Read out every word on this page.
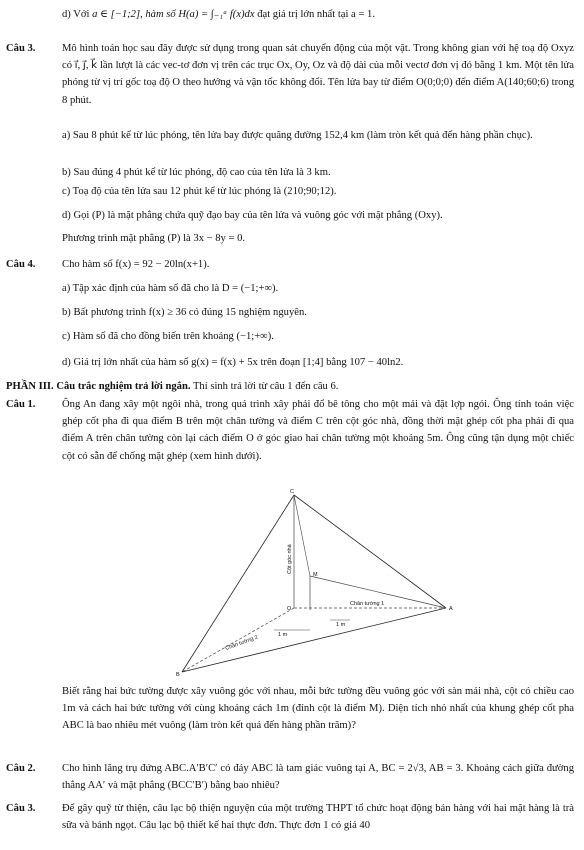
d) Với a ∈ [−1;2], hàm số H(a) = ∫₋₁ᵃ f(x)dx đạt giá trị lớn nhất tại a = 1.
Câu 3.	Mô hình toán học sau đây được sử dụng trong quan sát chuyển động của một vật. Trong không gian với hệ toạ độ Oxyz có i⃗, j⃗, k⃗ lần lượt là các vec-tơ đơn vị trên các trục Ox, Oy, Oz và độ dài của mỗi vectơ đơn vị đó bằng 1 km. Một tên lửa phóng từ vị trí gốc toạ độ O theo hướng và vận tốc không đổi. Tên lửa bay từ điểm O(0;0;0) đến điểm A(140;60;6) trong 8 phút.
a) Sau 8 phút kể từ lúc phóng, tên lửa bay được quãng đường 152,4 km (làm tròn kết quả đến hàng phần chục).
b) Sau đúng 4 phút kể từ lúc phóng, độ cao của tên lửa là 3 km.
c) Toạ độ của tên lửa sau 12 phút kể từ lúc phóng là (210;90;12).
d) Gọi (P) là mặt phẳng chứa quỹ đạo bay của tên lửa và vuông góc với mặt phẳng (Oxy).
Phương trình mặt phẳng (P) là 3x − 8y = 0.
Câu 4.	Cho hàm số f(x) = 92 − 20ln(x+1).
a) Tập xác định của hàm số đã cho là D = (−1;+∞).
b) Bất phương trình f(x) ≥ 36 có đúng 15 nghiệm nguyên.
c) Hàm số đã cho đồng biến trên khoảng (−1;+∞).
d) Giá trị lớn nhất của hàm số g(x) = f(x) + 5x trên đoạn [1;4] bằng 107 − 40ln2.
PHẦN III. Câu trắc nghiệm trả lời ngắn. Thí sinh trả lời từ câu 1 đến câu 6.
Câu 1.	Ông An đang xây một ngôi nhà, trong quá trình xây phải đổ bê tông cho một mái và đặt lợp ngói. Ông tính toán việc ghép cốt pha đi qua điểm B trên một chân tường và điểm C trên cột góc nhà, đồng thời mặt ghép cốt pha phải đi qua điểm A trên chân tường còn lại cách điểm O ở góc giao hai chân tường một khoảng 5m. Ông cũng tận dụng một chiếc cột có sẵn để chống mặt ghép (xem hình dưới).
C
M
O	A
B
Cột góc nhà
Chân tường 1
Chân tường 2	1 m
1 m
Biết rằng hai bức tường được xây vuông góc với nhau, mỗi bức tường đều vuông góc với sàn mái nhà, cột có chiều cao 1m và cách hai bức tường với cùng khoảng cách 1m (đỉnh cột là điểm M). Diện tích nhỏ nhất của khung ghép cốt pha ABC là bao nhiêu mét vuông (làm tròn kết quả đến hàng phần trăm)?
Câu 2.	Cho hình lăng trụ đứng ABC.A′B′C′ có đáy ABC là tam giác vuông tại A, BC = 2√3, AB = 3. Khoảng cách giữa đường thẳng AA′ và mặt phẳng (BCC′B′) bằng bao nhiêu?
Câu 3.	Để gây quỹ từ thiện, câu lạc bộ thiện nguyện của một trường THPT tổ chức hoạt động bán hàng với hai mặt hàng là trà sữa và bánh ngọt. Câu lạc bộ thiết kế hai thực đơn. Thực đơn 1 có giá 40
